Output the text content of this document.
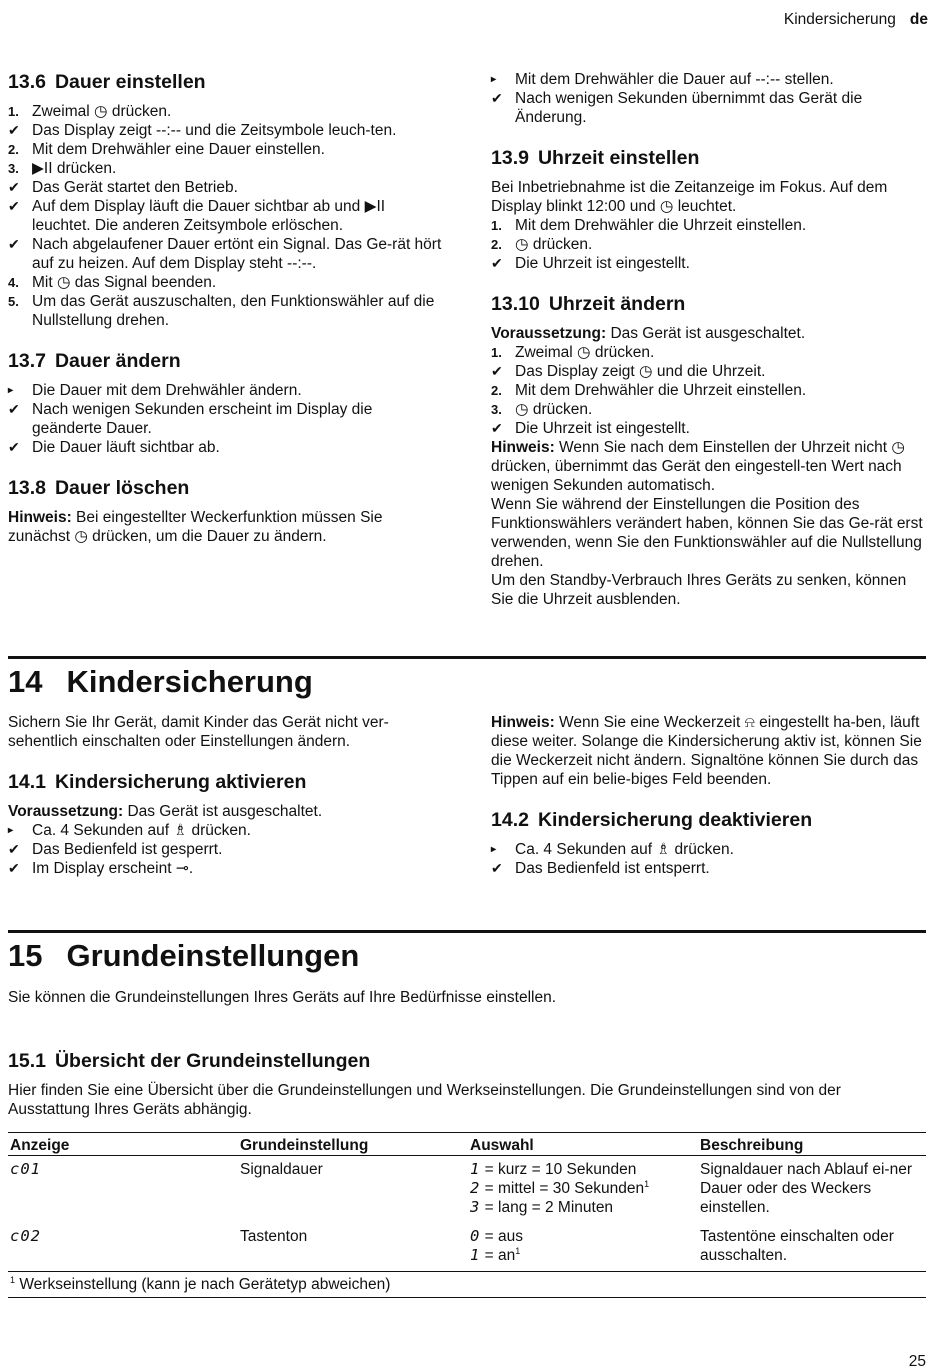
Kindersicherung de
13.6 Dauer einstellen
1. Zweimal ◷ drücken.
✔ Das Display zeigt --:-- und die Zeitsymbole leuch-ten.
2. Mit dem Drehwähler eine Dauer einstellen.
3. ▶II drücken.
✔ Das Gerät startet den Betrieb.
✔ Auf dem Display läuft die Dauer sichtbar ab und ▶II leuchtet. Die anderen Zeitsymbole erlöschen.
✔ Nach abgelaufener Dauer ertönt ein Signal. Das Ge-rät hört auf zu heizen. Auf dem Display steht --:--.
4. Mit ◷ das Signal beenden.
5. Um das Gerät auszuschalten, den Funktionswähler auf die Nullstellung drehen.
13.7 Dauer ändern
▸	Die Dauer mit dem Drehwähler ändern.
✔ Nach wenigen Sekunden erscheint im Display die geänderte Dauer.
✔ Die Dauer läuft sichtbar ab.
13.8 Dauer löschen

Hinweis: Bei eingestellter Weckerfunktion müssen Sie zunächst ◷ drücken, um die Dauer zu ändern.

▸	Mit dem Drehwähler die Dauer auf --:-- stellen.
✔ Nach wenigen Sekunden übernimmt das Gerät die Änderung.
13.9 Uhrzeit einstellen

Bei Inbetriebnahme ist die Zeitanzeige im Fokus. Auf dem Display blinkt 12:00 und ◷ leuchtet.

1. Mit dem Drehwähler die Uhrzeit einstellen.
2. ◷ drücken.
✔ Die Uhrzeit ist eingestellt.
13.10 Uhrzeit ändern

Voraussetzung: Das Gerät ist ausgeschaltet.

1. Zweimal ◷ drücken.
✔ Das Display zeigt ◷ und die Uhrzeit.
2. Mit dem Drehwähler die Uhrzeit einstellen.
3. ◷ drücken.
✔ Die Uhrzeit ist eingestellt.

Hinweis: Wenn Sie nach dem Einstellen der Uhrzeit nicht ◷ drücken, übernimmt das Gerät den eingestell-ten Wert nach wenigen Sekunden automatisch.

Wenn Sie während der Einstellungen die Position des Funktionswählers verändert haben, können Sie das Ge-rät erst verwenden, wenn Sie den Funktionswähler auf die Nullstellung drehen.

Um den Standby-Verbrauch Ihres Geräts zu senken, können Sie die Uhrzeit ausblenden.

14 Kindersicherung

Sichern Sie Ihr Gerät, damit Kinder das Gerät nicht ver-sehentlich einschalten oder Einstellungen ändern.

14.1 Kindersicherung aktivieren

Voraussetzung: Das Gerät ist ausgeschaltet.

▸	Ca. 4 Sekunden auf ♗ drücken.
✔ Das Bedienfeld ist gesperrt.
✔ Im Display erscheint ⊸.

Hinweis: Wenn Sie eine Weckerzeit ⍾ eingestellt ha-ben, läuft diese weiter. Solange die Kindersicherung aktiv ist, können Sie die Weckerzeit nicht ändern. Signaltöne können Sie durch das Tippen auf ein belie-biges Feld beenden.

14.2 Kindersicherung deaktivieren
▸	Ca. 4 Sekunden auf ♗ drücken.
✔ Das Bedienfeld ist entsperrt.
15 Grundeinstellungen

Sie können die Grundeinstellungen Ihres Geräts auf Ihre Bedürfnisse einstellen.

15.1 Übersicht der Grundeinstellungen

Hier finden Sie eine Übersicht über die Grundeinstellungen und Werkseinstellungen. Die Grundeinstellungen sind von der Ausstattung Ihres Geräts abhängig.

Anzeige	Grundeinstellung	Auswahl	Beschreibung
c01	Signaldauer	1 = kurz = 10 Sekunden
2 = mittel = 30 Sekunden$^1$
3 = lang = 2 Minuten	Signaldauer nach Ablauf ei-ner Dauer oder des Weckers einstellen.
c02	Tastenton	0 = aus
$1 = an^1$	Tastentöne einschalten oder ausschalten.
$^1$ Werkseinstellung (kann je nach Gerätetyp abweichen)			
25
